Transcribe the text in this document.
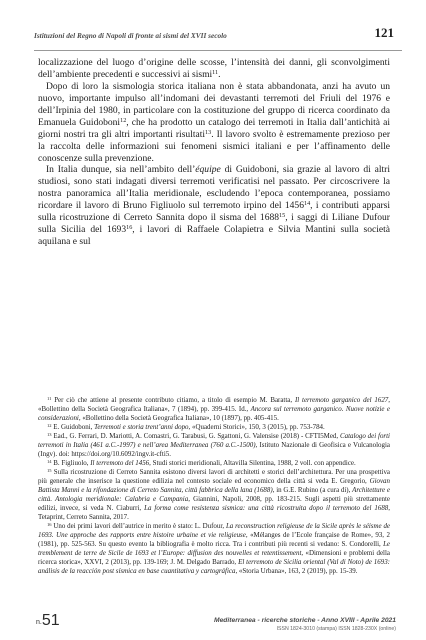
Istituzioni del Regno di Napoli di fronte ai sismi del XVII secolo	121

localizzazione del luogo d’origine delle scosse, l’intensità dei danni, gli sconvolgimenti dell’ambiente precedenti e successivi ai sismi$^{11}$.

Dopo di loro la sismologia storica italiana non è stata abbandonata, anzi ha avuto un nuovo, importante impulso all’indomani dei devastanti terremoti del Friuli del 1976 e dell’Irpinia del 1980, in particolare con la costituzione del gruppo di ricerca coordinato da Emanuela Guidoboni$^{12}$, che ha prodotto un catalogo dei terremoti in Italia dall’antichità ai giorni nostri tra gli altri importanti risultati$^{13}$. Il lavoro svolto è estremamente prezioso per la raccolta delle informazioni sui fenomeni sismici italiani e per l’affinamento delle conoscenze sulla prevenzione.

In Italia dunque, sia nell’ambito dell’équipe di Guidoboni, sia grazie al lavoro di altri studiosi, sono stati indagati diversi terremoti verificatisi nel passato. Per circoscrivere la nostra panoramica all’Italia meridionale, escludendo l’epoca contemporanea, possiamo ricordare il lavoro di Bruno Figliuolo sul terremoto irpino del 1456$^{14}$, i contributi apparsi sulla ricostruzione di Cerreto Sannita dopo il sisma del 1688$^{15}$, i saggi di Liliane Dufour sulla Sicilia del 1693$^{16}$, i lavori di Raffaele Colapietra e Silvia Mantini sulla società aquilana e sul

$^{11}$ Per ciò che attiene al presente contributo citiamo, a titolo di esempio M. Baratta, Il terremoto garganico del 1627, «Bollettino della Società Geografica Italiana», 7 (1894), pp. 399-415. Id., Ancora sul terremoto garganico. Nuove notizie e considerazioni, «Bollettino della Società Geografica Italiana», 10 (1897), pp. 405-415.

$^{12}$ E. Guidoboni, Terremoti e storia trent’anni dopo, «Quaderni Storici», 150, 3 (2015), pp. 753-784.

$^{13}$ Ead., G. Ferrari, D. Mariotti, A. Comastri, G. Tarabusi, G. Sgattoni, G. Valensise (2018) - CFTI5Med, Catalogo dei forti terremoti in Italia (461 a.C.-1997) e nell’area Mediterranea (760 a.C.-1500), Istituto Nazionale di Geofisica e Vulcanologia (Ingv). doi: https://doi.org/10.6092/ingv.it-cfti5.

$^{14}$ B. Figliuolo, Il terremoto del 1456, Studi storici meridionali, Altavilla Silentina, 1988, 2 voll. con appendice.

$^{15}$ Sulla ricostruzione di Cerreto Sannita esistono diversi lavori di architetti e storici dell’architettura. Per una prospettiva più generale che inserisce la questione edilizia nel contesto sociale ed economico della città si veda E. Gregorio, Giovan Battista Manni e la rifondazione di Cerreto Sannita, città fabbrica della lana (1688), in G.E. Rubino (a cura di), Architetture e città. Antologia meridionale: Calabria e Campania, Giannini, Napoli, 2008, pp. 183-215. Sugli aspetti più strettamente edilizi, invece, si veda N. Ciaburri, La forma come resistenza sismica: una città ricostruita dopo il terremoto del 1688, Tetaprint, Cerreto Sannita, 2017.

$^{16}$ Uno dei primi lavori dell’autrice in merito è stato: L. Dufour, La reconstruction religieuse de la Sicile après le séisme de 1693. Une approche des rapports entre histoire urbaine et vie religieuse, «Mélanges de l’Ecole française de Rome», 93, 2 (1981), pp. 525-563. Su questo evento la bibliografia è molto ricca. Tra i contributi più recenti si vedano: S. Condorelli, Le tremblement de terre de Sicile de 1693 et l’Europe: diffusion des nouvelles et retentissement, «Dimensioni e problemi della ricerca storica», XXVI, 2 (2013), pp. 139-169; J. M. Delgado Barrado, El terremoto de Sicilia oriental (Val di Noto) de 1693: análisis de la reacción post sísmica en base cuantitativa y cartográfica, «Storia Urbana», 163, 2 (2019), pp. 15-39.

n.51	Mediterranea - ricerche storiche - Anno XVIII - Aprile 2021
ISSN 1824-3010 (stampa) ISSN 1828-230X (online)
